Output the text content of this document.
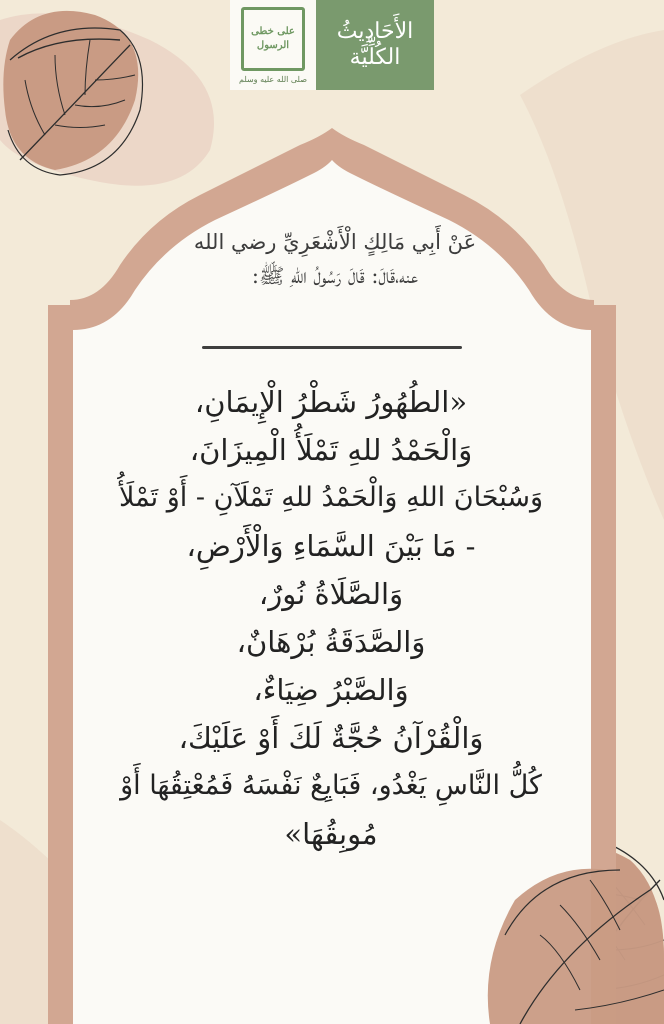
على خطى الرسول
صلى الله عليه وسلم
الأَحَادِيثُ
الكُلِّيَّة
عَنْ أَبِي مَالِكٍ الْأَشْعَرِيِّ رضي الله
عنه،قَالَ: قَالَ رَسُولُ اللهِ ﷺ:
«الطُهُورُ شَطْرُ الْإِيمَانِ،
وَالْحَمْدُ للهِ تَمْلَأُ الْمِيزَانَ،
وَسُبْحَانَ اللهِ وَالْحَمْدُ للهِ تَمْلَآنِ - أَوْ تَمْلَأُ
- مَا بَيْنَ السَّمَاءِ وَالْأَرْضِ،
وَالصَّلَاةُ نُورٌ،
وَالصَّدَقَةُ بُرْهَانٌ،
وَالصَّبْرُ ضِيَاءٌ،
وَالْقُرْآنُ حُجَّةٌ لَكَ أَوْ عَلَيْكَ،
كُلُّ النَّاسِ يَغْدُو، فَبَايِعٌ نَفْسَهُ فَمُعْتِقُهَا أَوْ
مُوبِقُهَا»
